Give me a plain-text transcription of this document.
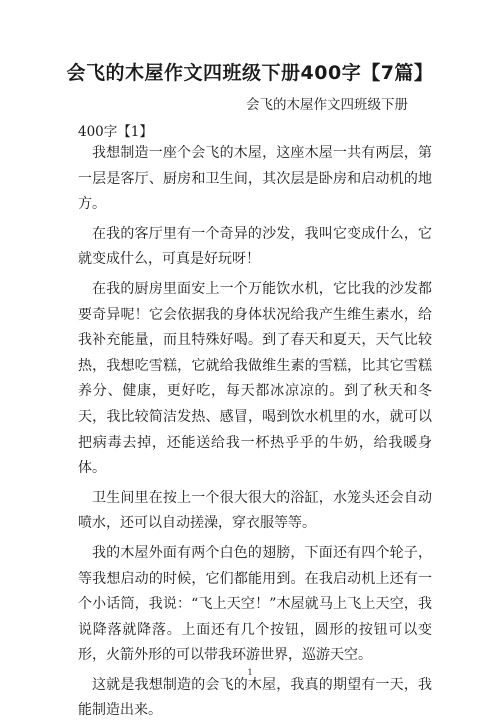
会飞的木屋作文四班级下册400字【7篇】

会飞的木屋作文四班级下册

400字【1】

我想制造一座个会飞的木屋，这座木屋一共有两层，第一层是客厅、厨房和卫生间，其次层是卧房和启动机的地方。

在我的客厅里有一个奇异的沙发，我叫它变成什么，它就变成什么，可真是好玩呀！

在我的厨房里面安上一个万能饮水机，它比我的沙发都要奇异呢！它会依据我的身体状况给我产生维生素水，给我补充能量，而且特殊好喝。到了春天和夏天，天气比较热，我想吃雪糕，它就给我做维生素的雪糕，比其它雪糕养分、健康，更好吃，每天都冰凉凉的。到了秋天和冬天，我比较简洁发热、感冒，喝到饮水机里的水，就可以把病毒去掉，还能送给我一杯热乎乎的牛奶，给我暖身体。

卫生间里在按上一个很大很大的浴缸，水笼头还会自动喷水，还可以自动搓澡，穿衣服等等。

我的木屋外面有两个白色的翅膀，下面还有四个轮子，等我想启动的时候，它们都能用到。在我启动机上还有一个小话筒，我说：“飞上天空！”木屋就马上飞上天空，我说降落就降落。上面还有几个按钮，圆形的按钮可以变形，火箭外形的可以带我环游世界，巡游天空。

这就是我想制造的会飞的木屋，我真的期望有一天，我能制造出来。

1
